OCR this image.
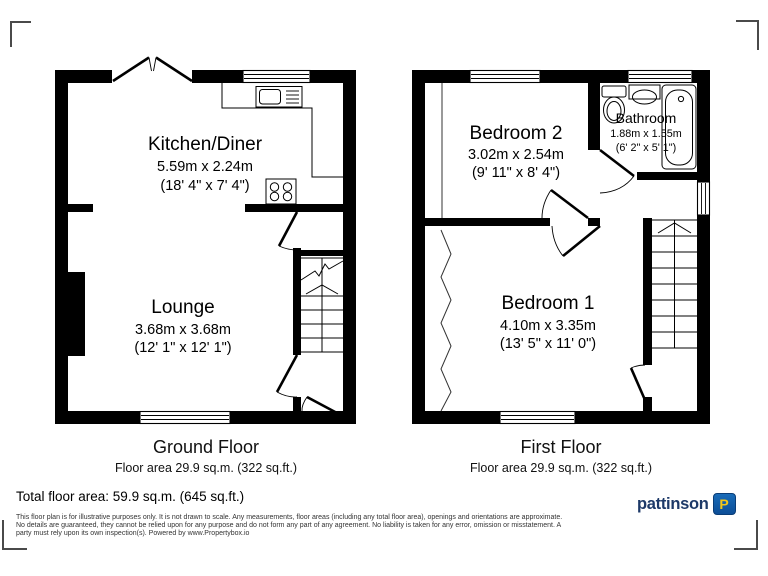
Kitchen/Diner
5.59m x 2.24m
(18' 4" x 7' 4")
Lounge
3.68m x 3.68m
(12' 1" x 12' 1")
Bedroom 2
3.02m x 2.54m
(9' 11" x 8' 4")
Bathroom
1.88m x 1.55m
(6' 2" x 5' 1")
Bedroom 1
4.10m x 3.35m
(13' 5" x 11' 0")
Ground Floor
Floor area 29.9 sq.m. (322 sq.ft.)
First Floor
Floor area 29.9 sq.m. (322 sq.ft.)
Total floor area: 59.9 sq.m. (645 sq.ft.)
This floor plan is for illustrative purposes only. It is not drawn to scale. Any measurements, floor areas (including any total floor area), openings and orientations are approximate.
No details are guaranteed, they cannot be relied upon for any purpose and do not form any part of any agreement. No liability is taken for any error, omission or misstatement. A
party must rely upon its own inspection(s). Powered by www.Propertybox.io
pattinson P
